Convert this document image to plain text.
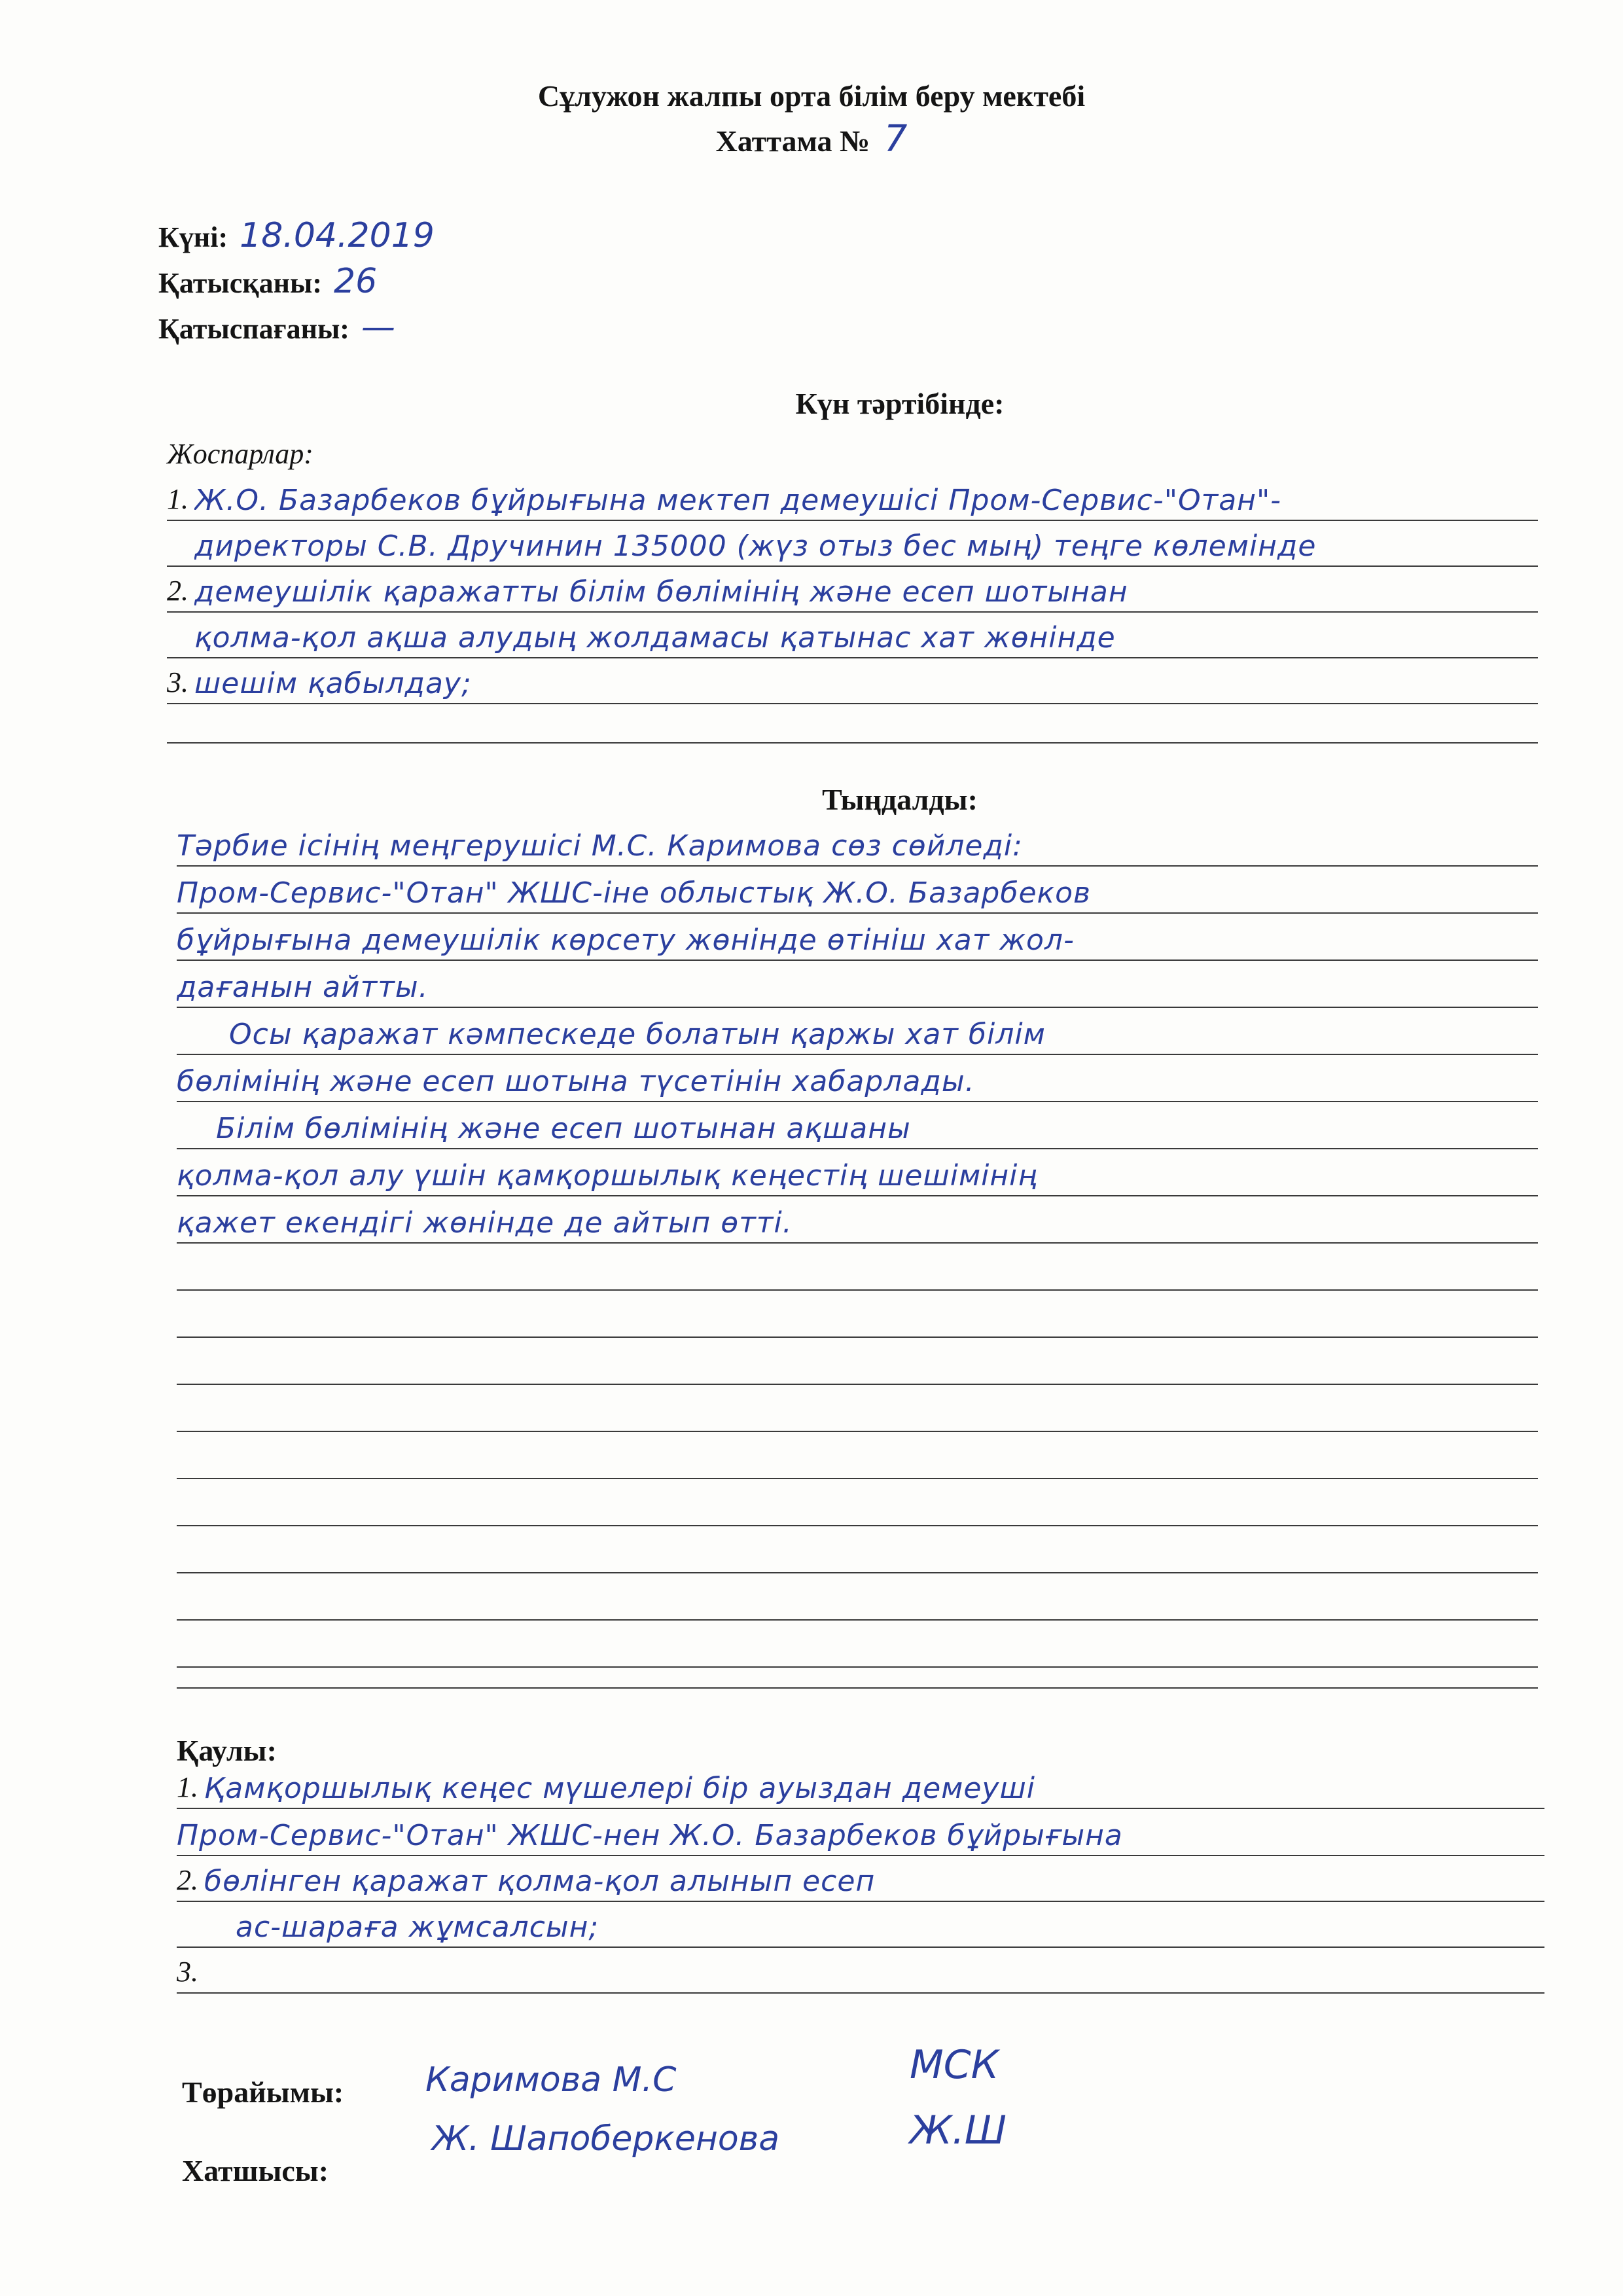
Сұлужон жалпы орта білім беру мектебі
Хаттама № 7
Күні: 18.04.2019
Қатысқаны: 26
Қатыспағаны: —
Күн тәртібінде:
Жоспарлар:
1. Ж.О. Базарбеков бұйрығына мектеп демеушісі Пром-Сервис-"Отан"-
директоры С.В. Дручинин 135000 (жүз отыз бес мың) теңге көлемінде
2. демеушілік қаражатты білім бөлімінің және есеп шотынан
қолма-қол ақша алудың жолдамасы қатынас хат жөнінде
3. шешім қабылдау;
Тыңдалды:
Тәрбие ісінің меңгерушісі М.С. Каримова сөз сөйледі:
Пром-Сервис-"Отан" ЖШС-іне облыстық Ж.О. Базарбеков
бұйрығына демеушілік көрсету жөнінде өтініш хат жол-
дағанын айтты.
Осы қаражат кәмпескеде болатын қаржы хат білім
бөлімінің және есеп шотына түсетінін хабарлады.
Білім бөлімінің және есеп шотынан ақшаны
қолма-қол алу үшін қамқоршылық кеңестің шешімінің
қажет екендігі жөнінде де айтып өтті.
Қаулы:
1. Қамқоршылық кеңес мүшелері бір ауыздан демеуші
Пром-Сервис-"Отан" ЖШС-нен Ж.О. Базарбеков бұйрығына
2. бөлінген қаражат қолма-қол алынып есеп
ас-шараға жұмсалсын;
3.
Төрайымы: Каримова М.С	МСК
Хатшысы:
Ж. Шапоберкенова	Ж.Ш
